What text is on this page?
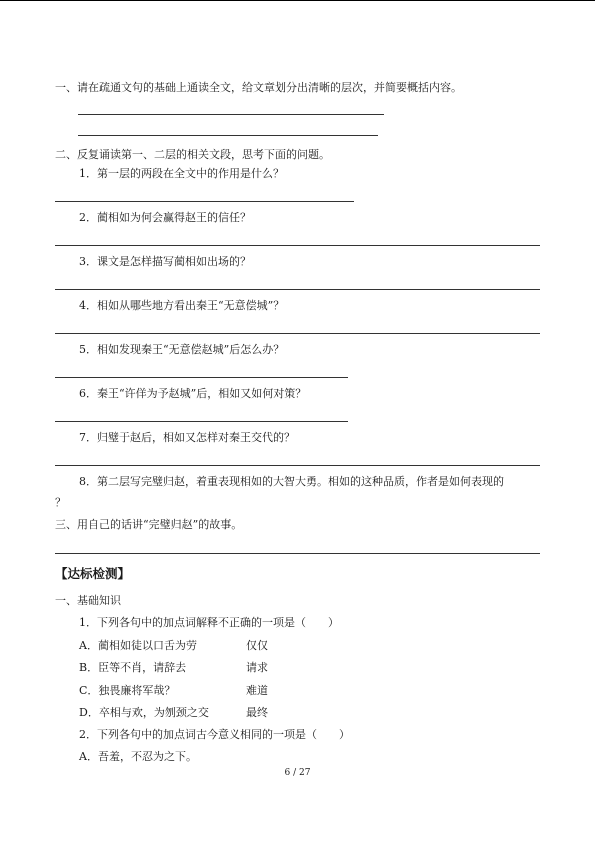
一、请在疏通文句的基础上通读全文，给文章划分出清晰的层次，并简要概括内容。
二、反复诵读第一、二层的相关文段，思考下面的问题。
1．第一层的两段在全文中的作用是什么？
2．蔺相如为何会赢得赵王的信任？
3．课文是怎样描写蔺相如出场的？
4．相如从哪些地方看出秦王“无意偿城”？
5．相如发现秦王“无意偿赵城”后怎么办？
6．秦王“许佯为予赵城”后，相如又如何对策？
7．归璧于赵后，相如又怎样对秦王交代的？
8．第二层写完璧归赵，着重表现相如的大智大勇。相如的这种品质，作者是如何表现的
？
三、用自己的话讲“完璧归赵”的故事。
【达标检测】
一、基础知识
1．下列各句中的加点词解释不正确的一项是（　　）
A．蔺相如徒以口舌为劳	仅仅
B．臣等不肖，请辞去	请求
C．独畏廉将军哉？	难道
D．卒相与欢，为刎颈之交	最终
2．下列各句中的加点词古今意义相同的一项是（　　）
A．吾羞，不忍为之下。
6 / 27
